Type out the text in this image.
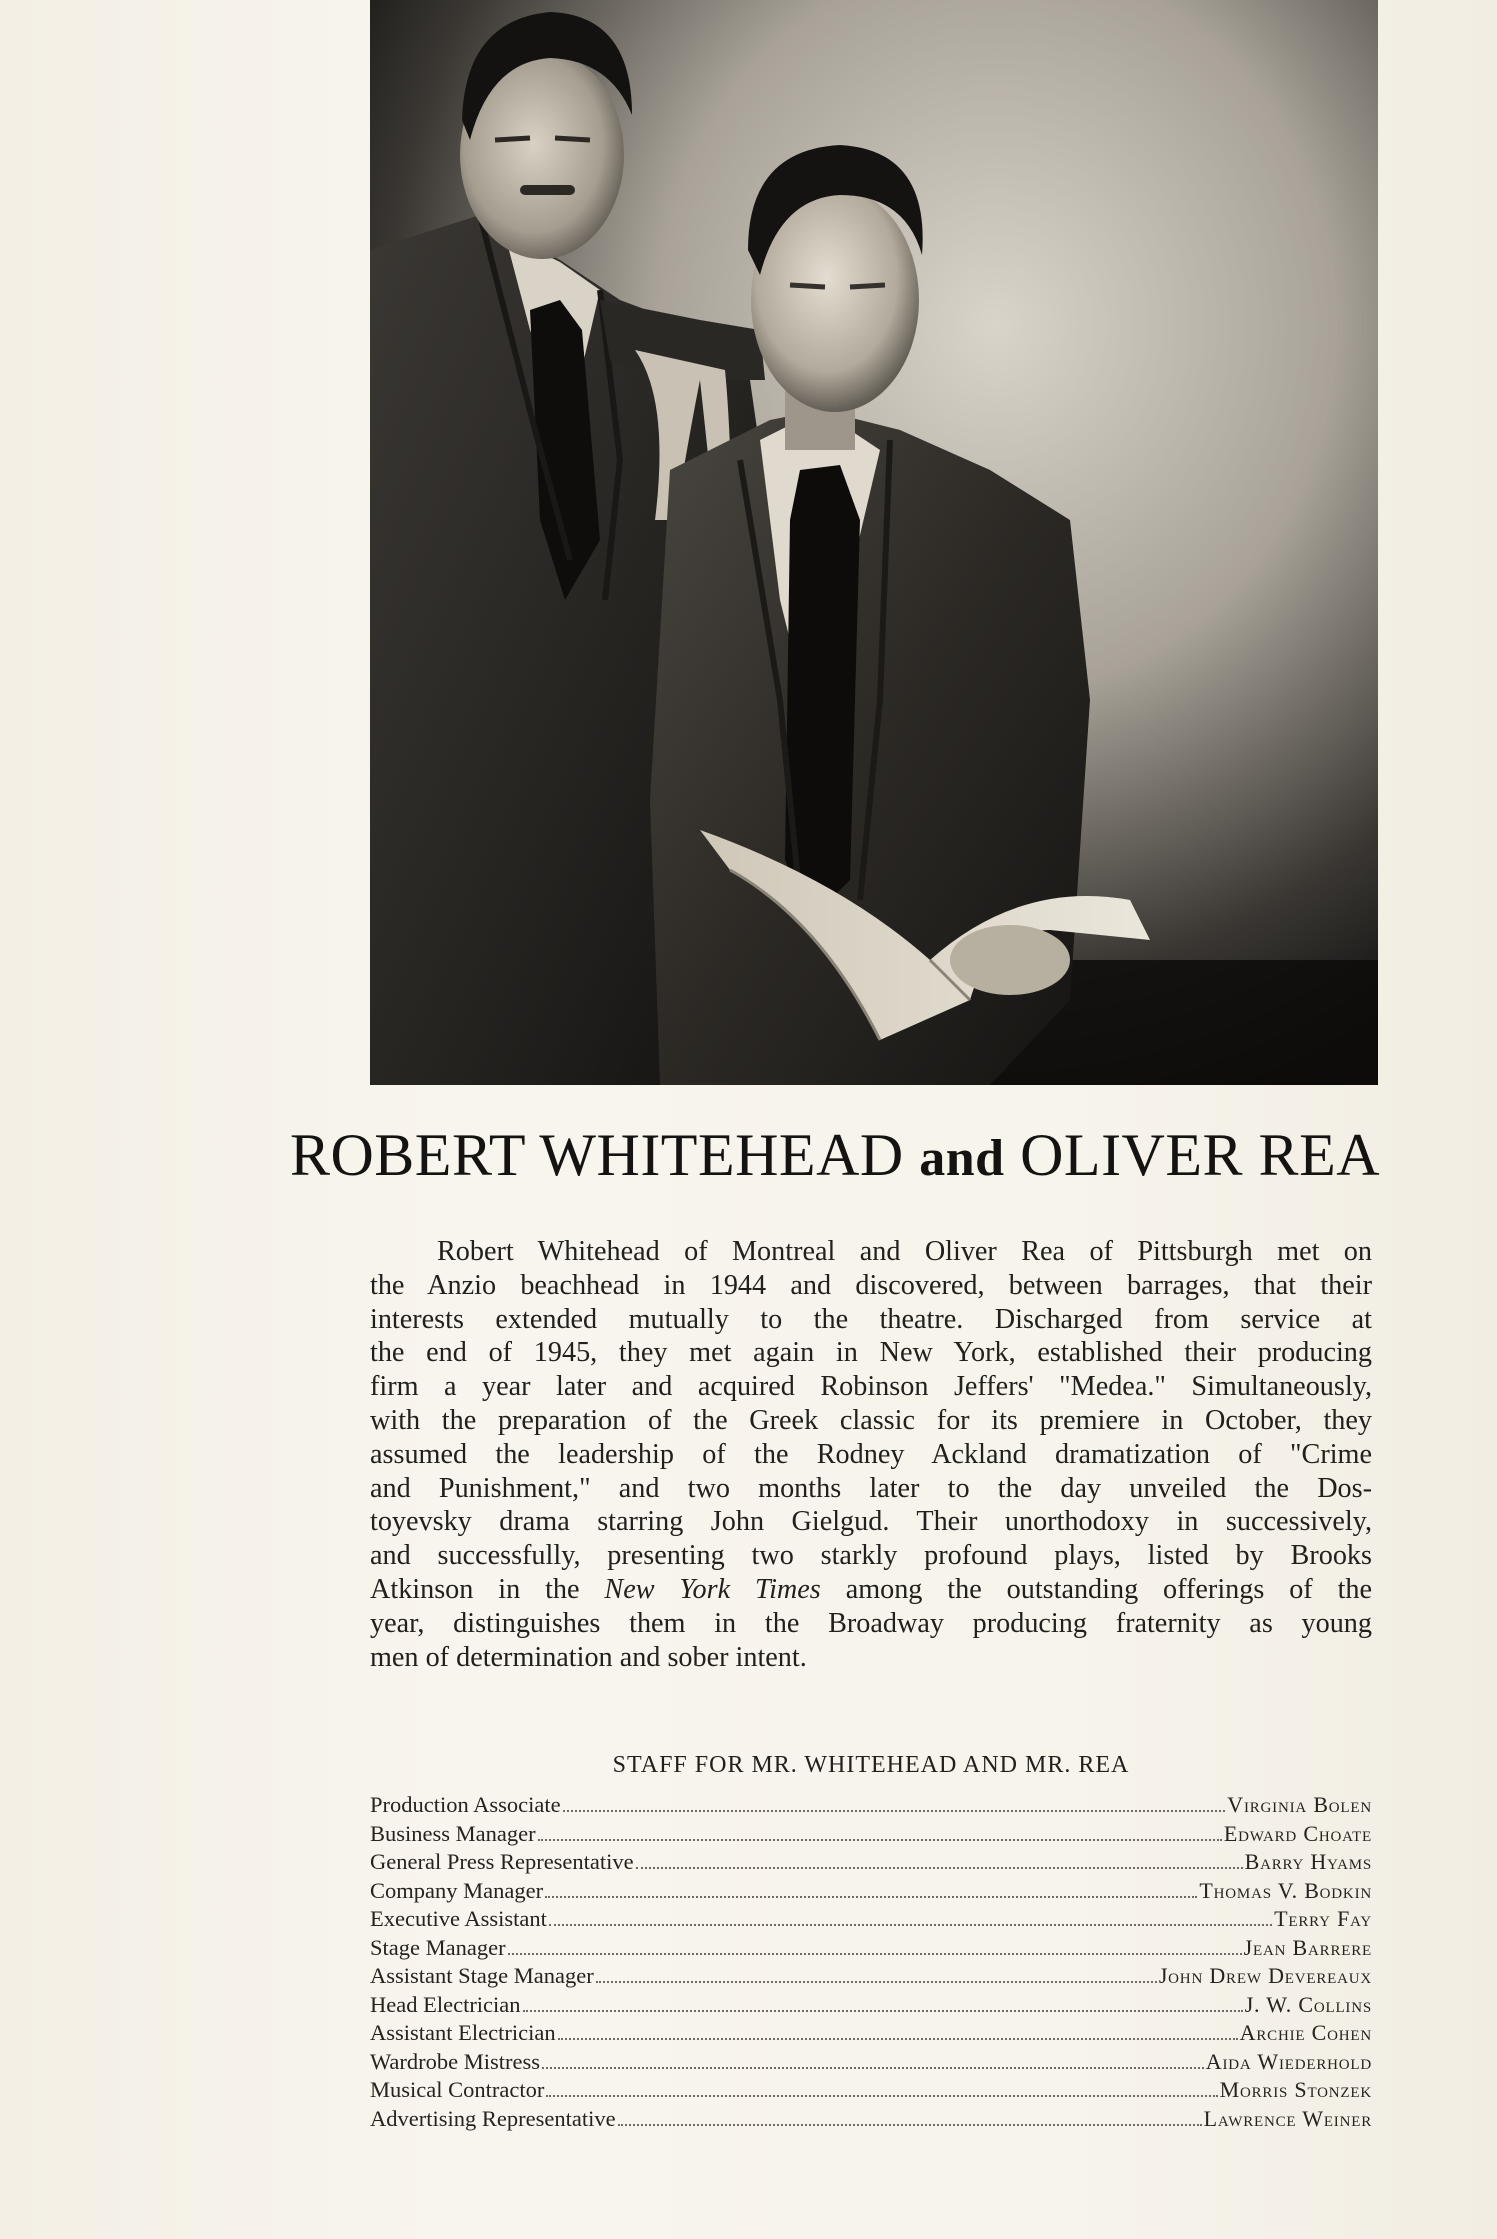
ROBERT WHITEHEAD and OLIVER REA
Robert Whitehead of Montreal and Oliver Rea of Pittsburgh met on
the Anzio beachhead in 1944 and discovered, between barrages, that their
interests extended mutually to the theatre. Discharged from service at
the end of 1945, they met again in New York, established their producing
firm a year later and acquired Robinson Jeffers' "Medea." Simultaneously,
with the preparation of the Greek classic for its premiere in October, they
assumed the leadership of the Rodney Ackland dramatization of "Crime
and Punishment," and two months later to the day unveiled the Dos-
toyevsky drama starring John Gielgud. Their unorthodoxy in successively,
and successfully, presenting two starkly profound plays, listed by Brooks
Atkinson in the New York Times among the outstanding offerings of the
year, distinguishes them in the Broadway producing fraternity as young
men of determination and sober intent.
STAFF FOR MR. WHITEHEAD AND MR. REA
Production Associate	Virginia Bolen
Business Manager	Edward Choate
General Press Representative	Barry Hyams
Company Manager	Thomas V. Bodkin
Executive Assistant	Terry Fay
Stage Manager	Jean Barrere
Assistant Stage Manager	John Drew Devereaux
Head Electrician	J. W. Collins
Assistant Electrician	Archie Cohen
Wardrobe Mistress	Aida Wiederhold
Musical Contractor	Morris Stonzek
Advertising Representative	Lawrence Weiner
